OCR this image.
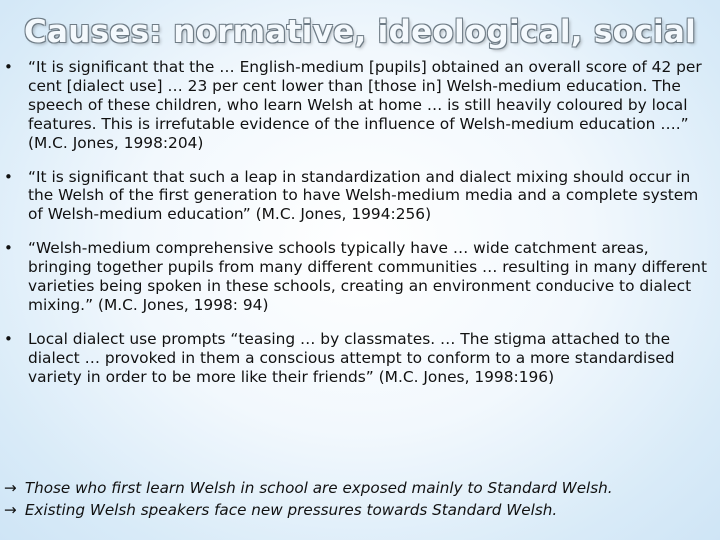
Causes: normative, ideological, social
• “It is significant that the … English-medium [pupils] obtained an overall score of 42 per cent [dialect use] … 23 per cent lower than [those in] Welsh-medium education. The speech of these children, who learn Welsh at home … is still heavily coloured by local features. This is irrefutable evidence of the influence of Welsh-medium education ….” (M.C. Jones, 1998:204)
• “It is significant that such a leap in standardization and dialect mixing should occur in the Welsh of the first generation to have Welsh-medium media and a complete system of Welsh-medium education” (M.C. Jones, 1994:256)
• “Welsh-medium comprehensive schools typically have … wide catchment areas, bringing together pupils from many different communities … resulting in many different varieties being spoken in these schools, creating an environment conducive to dialect mixing.” (M.C. Jones, 1998: 94)
• Local dialect use prompts “teasing … by classmates. … The stigma attached to the dialect … provoked in them a conscious attempt to conform to a more standardised variety in order to be more like their friends” (M.C. Jones, 1998:196)
→ Those who first learn Welsh in school are exposed mainly to Standard Welsh.
→ Existing Welsh speakers face new pressures towards Standard Welsh.
